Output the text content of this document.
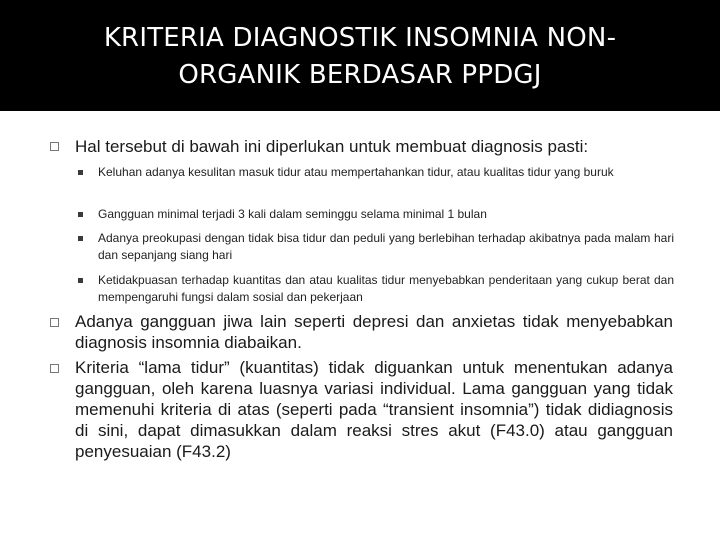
KRITERIA DIAGNOSTIK INSOMNIA NON-
ORGANIK BERDASAR PPDGJ
Hal tersebut di bawah ini diperlukan untuk membuat diagnosis pasti:
Keluhan adanya kesulitan masuk tidur atau mempertahankan tidur, atau kualitas tidur yang buruk
Gangguan minimal terjadi 3 kali dalam seminggu selama minimal 1 bulan
Adanya preokupasi dengan tidak bisa tidur dan peduli yang berlebihan terhadap akibatnya pada malam hari dan sepanjang siang hari
Ketidakpuasan terhadap kuantitas dan atau kualitas tidur menyebabkan penderitaan yang cukup berat dan mempengaruhi fungsi dalam sosial dan pekerjaan
Adanya gangguan jiwa lain seperti depresi dan anxietas tidak menyebabkan diagnosis insomnia diabaikan.
Kriteria “lama tidur” (kuantitas) tidak diguankan untuk menentukan adanya gangguan, oleh karena luasnya variasi individual. Lama gangguan yang tidak memenuhi kriteria di atas (seperti pada “transient insomnia”) tidak didiagnosis di sini, dapat dimasukkan dalam reaksi stres akut (F43.0) atau gangguan penyesuaian (F43.2)
